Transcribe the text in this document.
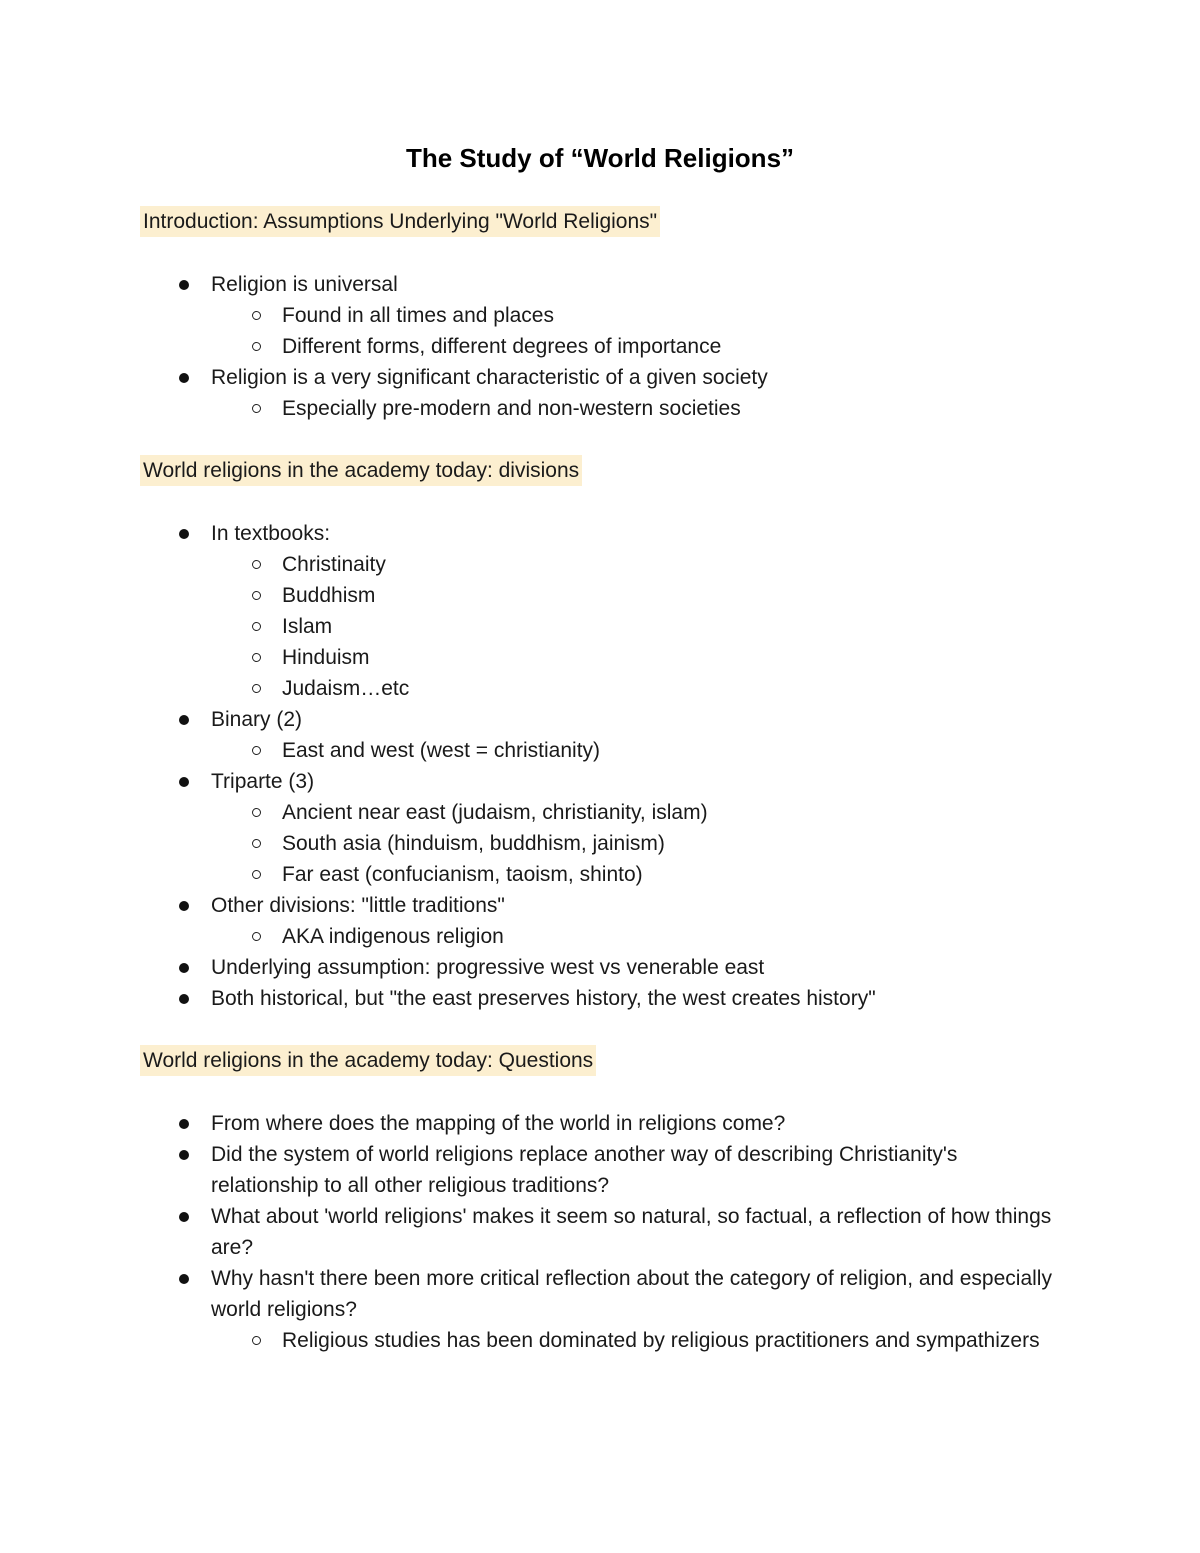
The Study of “World Religions”
Introduction: Assumptions Underlying "World Religions"
Religion is universal
Found in all times and places
Different forms, different degrees of importance
Religion is a very significant characteristic of a given society
Especially pre-modern and non-western societies
World religions in the academy today: divisions
In textbooks:
Christinaity
Buddhism
Islam
Hinduism
Judaism…etc
Binary (2)
East and west (west = christianity)
Triparte (3)
Ancient near east (judaism, christianity, islam)
South asia (hinduism, buddhism, jainism)
Far east (confucianism, taoism, shinto)
Other divisions: "little traditions"
AKA indigenous religion
Underlying assumption: progressive west vs venerable east
Both historical, but "the east preserves history, the west creates history"
World religions in the academy today: Questions
From where does the mapping of the world in religions come?
Did the system of world religions replace another way of describing Christianity's relationship to all other religious traditions?
What about 'world religions' makes it seem so natural, so factual, a reflection of how things are?
Why hasn't there been more critical reflection about the category of religion, and especially world religions?
Religious studies has been dominated by religious practitioners and sympathizers
